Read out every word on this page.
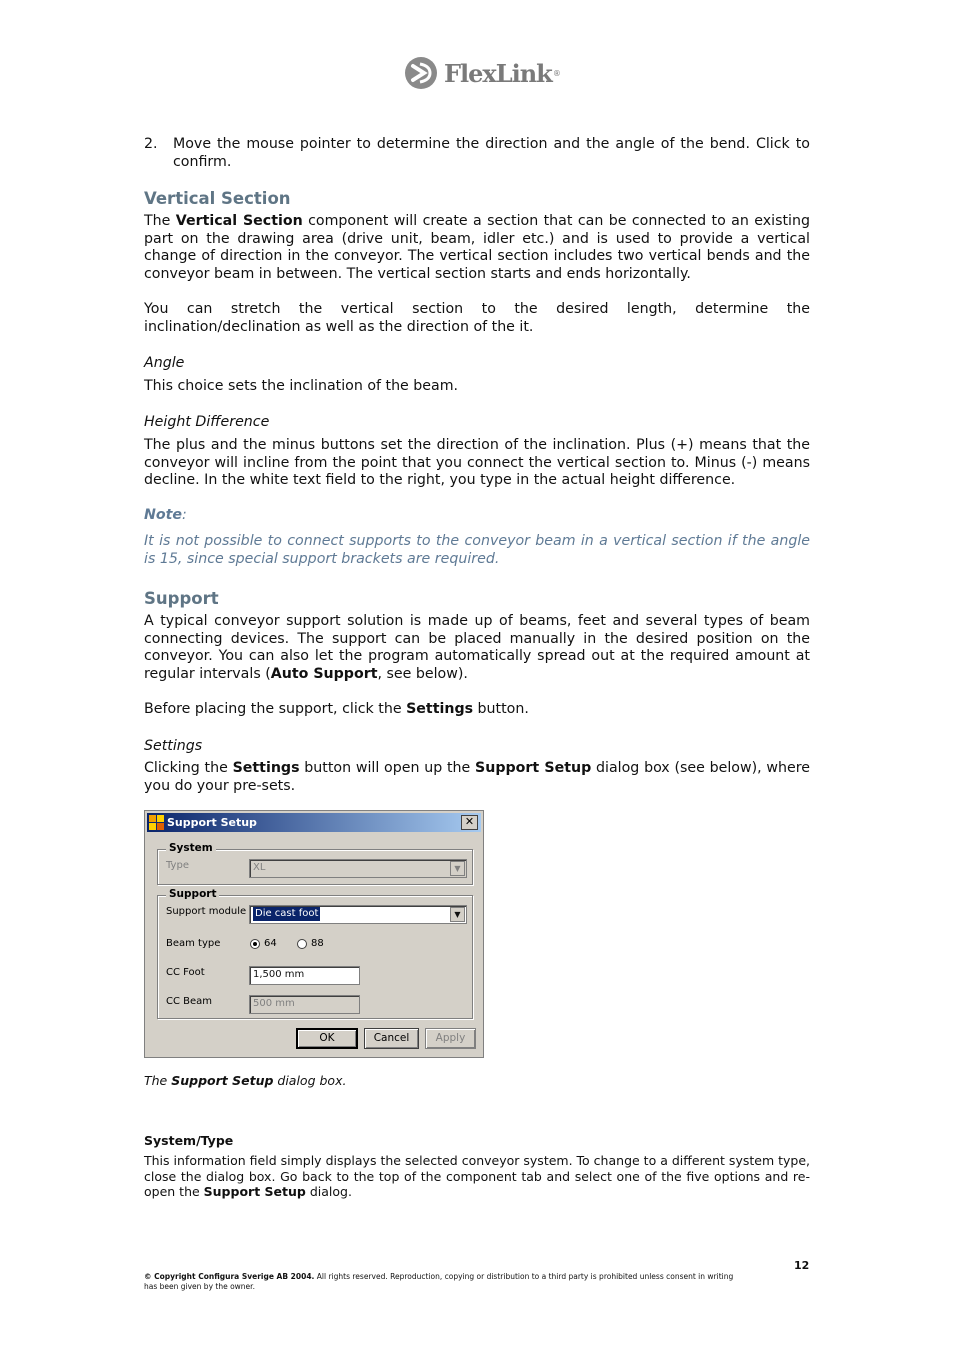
FlexLink ®
2. Move the mouse pointer to determine the direction and the angle of the bend. Click to confirm.
Vertical Section
The Vertical Section component will create a section that can be connected to an existing part on the drawing area (drive unit, beam, idler etc.) and is used to provide a vertical change of direction in the conveyor. The vertical section includes two vertical bends and the conveyor beam in between. The vertical section starts and ends horizontally.
You can stretch the vertical section to the desired length, determine the inclination/declination as well as the direction of the it.
Angle
This choice sets the inclination of the beam.
Height Difference
The plus and the minus buttons set the direction of the inclination. Plus (+) means that the conveyor will incline from the point that you connect the vertical section to. Minus (-) means decline. In the white text field to the right, you type in the actual height difference.
Note:
It is not possible to connect supports to the conveyor beam in a vertical section if the angle is 15, since special support brackets are required.
Support
A typical conveyor support solution is made up of beams, feet and several types of beam connecting devices. The support can be placed manually in the desired position on the conveyor. You can also let the program automatically spread out at the required amount at regular intervals (Auto Support, see below).
Before placing the support, click the Settings button.
Settings
Clicking the Settings button will open up the Support Setup dialog box (see below), where you do your pre-sets.
Support Setup	✕
System
Type	XL	▼
Support
Support module Die cast foot	▼
Beam type	64	88
CC Foot	1,500 mm
CC Beam	500 mm
OK	Cancel	Apply
The Support Setup dialog box.
System/Type
This information field simply displays the selected conveyor system. To change to a different system type, close the dialog box. Go back to the top of the component tab and select one of the five options and re-open the Support Setup dialog.
12
© Copyright Configura Sverige AB 2004. All rights reserved. Reproduction, copying or distribution to a third party is prohibited unless consent in writing has been given by the owner.
